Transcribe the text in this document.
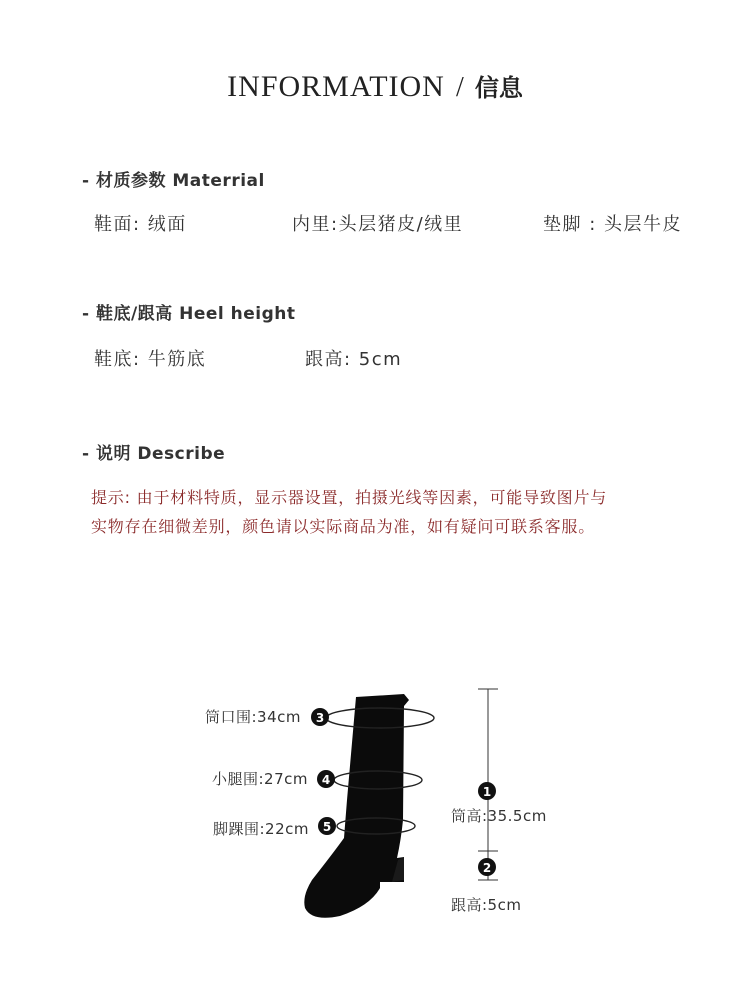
INFORMATION / 信息
- 材质参数 Materrial
鞋面: 绒面	内里:头层猪皮/绒里	垫脚 : 头层牛皮
- 鞋底/跟高 Heel height
鞋底: 牛筋底	跟高: 5cm
- 说明 Describe
提示: 由于材料特质，显示器设置，拍摄光线等因素，可能导致图片与
实物存在细微差别，颜色请以实际商品为准，如有疑问可联系客服。
1
2
3
4
5
筒口围:34cm
小腿围:27cm
脚踝围:22cm
筒高:35.5cm
跟高:5cm
